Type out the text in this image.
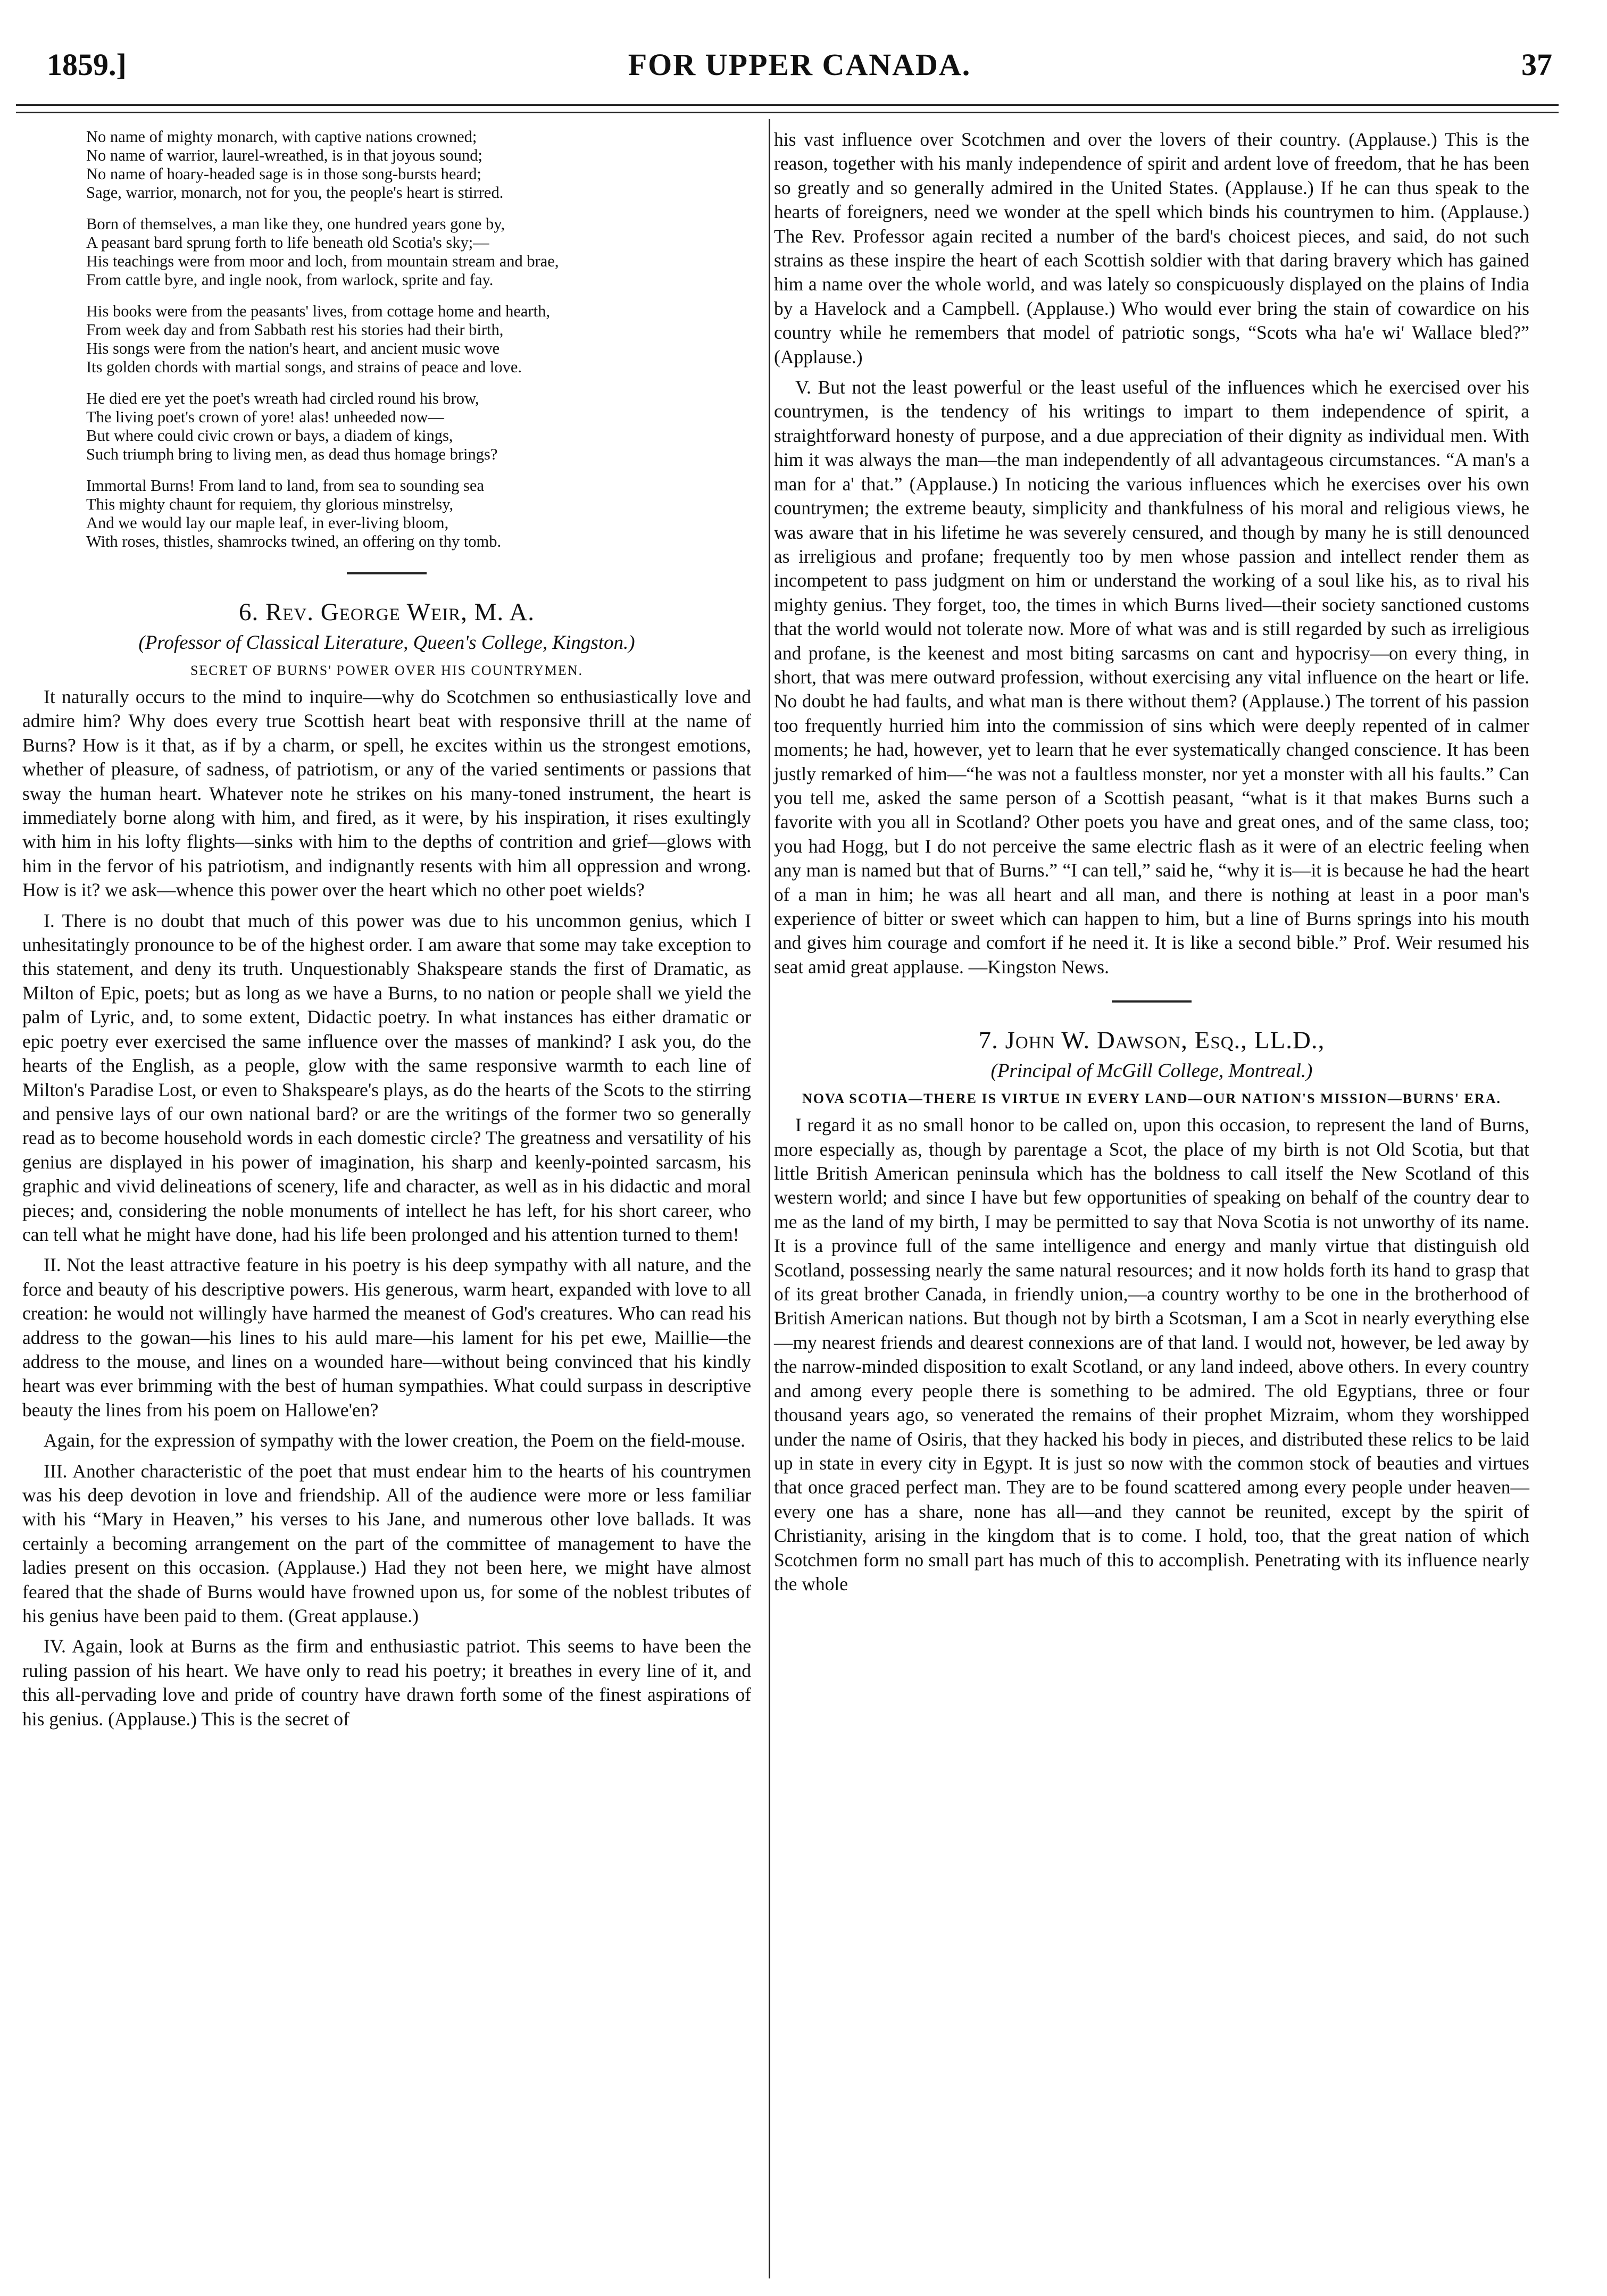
FOR UPPER CANADA.
1859.]	37
No name of mighty monarch, with captive nations crowned;
No name of warrior, laurel-wreathed, is in that joyous sound;
No name of hoary-headed sage is in those song-bursts heard;
Sage, warrior, monarch, not for you, the people's heart is stirred.
Born of themselves, a man like they, one hundred years gone by,
A peasant bard sprung forth to life beneath old Scotia's sky;—
His teachings were from moor and loch, from mountain stream and brae,
From cattle byre, and ingle nook, from warlock, sprite and fay.
His books were from the peasants' lives, from cottage home and hearth,
From week day and from Sabbath rest his stories had their birth,
His songs were from the nation's heart, and ancient music wove
Its golden chords with martial songs, and strains of peace and love.
He died ere yet the poet's wreath had circled round his brow,
The living poet's crown of yore! alas! unheeded now—
But where could civic crown or bays, a diadem of kings,
Such triumph bring to living men, as dead thus homage brings?
Immortal Burns! From land to land, from sea to sounding sea
This mighty chaunt for requiem, thy glorious minstrelsy,
And we would lay our maple leaf, in ever-living bloom,
With roses, thistles, shamrocks twined, an offering on thy tomb.
6. Rev. George Weir, M. A.
(Professor of Classical Literature, Queen's College, Kingston.)
SECRET OF BURNS' POWER OVER HIS COUNTRYMEN.

It naturally occurs to the mind to inquire—why do Scotchmen so enthusiastically love and admire him? Why does every true Scottish heart beat with responsive thrill at the name of Burns? How is it that, as if by a charm, or spell, he excites within us the strongest emotions, whether of pleasure, of sadness, of patriotism, or any of the varied sentiments or passions that sway the human heart. Whatever note he strikes on his many-toned instrument, the heart is immediately borne along with him, and fired, as it were, by his inspiration, it rises exultingly with him in his lofty flights—sinks with him to the depths of contrition and grief—glows with him in the fervor of his patriotism, and indignantly resents with him all oppression and wrong. How is it? we ask—whence this power over the heart which no other poet wields?

I. There is no doubt that much of this power was due to his uncommon genius, which I unhesitatingly pronounce to be of the highest order. I am aware that some may take exception to this statement, and deny its truth. Unquestionably Shakspeare stands the first of Dramatic, as Milton of Epic, poets; but as long as we have a Burns, to no nation or people shall we yield the palm of Lyric, and, to some extent, Didactic poetry. In what instances has either dramatic or epic poetry ever exercised the same influence over the masses of mankind? I ask you, do the hearts of the English, as a people, glow with the same responsive warmth to each line of Milton's Paradise Lost, or even to Shakspeare's plays, as do the hearts of the Scots to the stirring and pensive lays of our own national bard? or are the writings of the former two so generally read as to become household words in each domestic circle? The greatness and versatility of his genius are displayed in his power of imagination, his sharp and keenly-pointed sarcasm, his graphic and vivid delineations of scenery, life and character, as well as in his didactic and moral pieces; and, considering the noble monuments of intellect he has left, for his short career, who can tell what he might have done, had his life been prolonged and his attention turned to them!

II. Not the least attractive feature in his poetry is his deep sympathy with all nature, and the force and beauty of his descriptive powers. His generous, warm heart, expanded with love to all creation: he would not willingly have harmed the meanest of God's creatures. Who can read his address to the gowan—his lines to his auld mare—his lament for his pet ewe, Maillie—the address to the mouse, and lines on a wounded hare—without being convinced that his kindly heart was ever brimming with the best of human sympathies. What could surpass in descriptive beauty the lines from his poem on Hallowe'en?

Again, for the expression of sympathy with the lower creation, the Poem on the field-mouse.

III. Another characteristic of the poet that must endear him to the hearts of his countrymen was his deep devotion in love and friendship. All of the audience were more or less familiar with his “Mary in Heaven,” his verses to his Jane, and numerous other love ballads. It was certainly a becoming arrangement on the part of the committee of management to have the ladies present on this occasion. (Applause.) Had they not been here, we might have almost feared that the shade of Burns would have frowned upon us, for some of the noblest tributes of his genius have been paid to them. (Great applause.)

IV. Again, look at Burns as the firm and enthusiastic patriot. This seems to have been the ruling passion of his heart. We have only to read his poetry; it breathes in every line of it, and this all-pervading love and pride of country have drawn forth some of the finest aspirations of his genius. (Applause.) This is the secret of

his vast influence over Scotchmen and over the lovers of their country. (Applause.) This is the reason, together with his manly independence of spirit and ardent love of freedom, that he has been so greatly and so generally admired in the United States. (Applause.) If he can thus speak to the hearts of foreigners, need we wonder at the spell which binds his countrymen to him. (Applause.) The Rev. Professor again recited a number of the bard's choicest pieces, and said, do not such strains as these inspire the heart of each Scottish soldier with that daring bravery which has gained him a name over the whole world, and was lately so conspicuously displayed on the plains of India by a Havelock and a Campbell. (Applause.) Who would ever bring the stain of cowardice on his country while he remembers that model of patriotic songs, “Scots wha ha'e wi' Wallace bled?” (Applause.)

V. But not the least powerful or the least useful of the influences which he exercised over his countrymen, is the tendency of his writings to impart to them independence of spirit, a straightforward honesty of purpose, and a due appreciation of their dignity as individual men. With him it was always the man—the man independently of all advantageous circumstances. “A man's a man for a' that.” (Applause.) In noticing the various influences which he exercises over his own countrymen; the extreme beauty, simplicity and thankfulness of his moral and religious views, he was aware that in his lifetime he was severely censured, and though by many he is still denounced as irreligious and profane; frequently too by men whose passion and intellect render them as incompetent to pass judgment on him or understand the working of a soul like his, as to rival his mighty genius. They forget, too, the times in which Burns lived—their society sanctioned customs that the world would not tolerate now. More of what was and is still regarded by such as irreligious and profane, is the keenest and most biting sarcasms on cant and hypocrisy—on every thing, in short, that was mere outward profession, without exercising any vital influence on the heart or life. No doubt he had faults, and what man is there without them? (Applause.) The torrent of his passion too frequently hurried him into the commission of sins which were deeply repented of in calmer moments; he had, however, yet to learn that he ever systematically changed conscience. It has been justly remarked of him—“he was not a faultless monster, nor yet a monster with all his faults.” Can you tell me, asked the same person of a Scottish peasant, “what is it that makes Burns such a favorite with you all in Scotland? Other poets you have and great ones, and of the same class, too; you had Hogg, but I do not perceive the same electric flash as it were of an electric feeling when any man is named but that of Burns.” “I can tell,” said he, “why it is—it is because he had the heart of a man in him; he was all heart and all man, and there is nothing at least in a poor man's experience of bitter or sweet which can happen to him, but a line of Burns springs into his mouth and gives him courage and comfort if he need it. It is like a second bible.” Prof. Weir resumed his seat amid great applause. —Kingston News.

7. John W. Dawson, Esq., LL.D.,
(Principal of McGill College, Montreal.)
NOVA SCOTIA—THERE IS VIRTUE IN EVERY LAND—OUR NATION'S MISSION—BURNS' ERA.

I regard it as no small honor to be called on, upon this occasion, to represent the land of Burns, more especially as, though by parentage a Scot, the place of my birth is not Old Scotia, but that little British American peninsula which has the boldness to call itself the New Scotland of this western world; and since I have but few opportunities of speaking on behalf of the country dear to me as the land of my birth, I may be permitted to say that Nova Scotia is not unworthy of its name. It is a province full of the same intelligence and energy and manly virtue that distinguish old Scotland, possessing nearly the same natural resources; and it now holds forth its hand to grasp that of its great brother Canada, in friendly union,—a country worthy to be one in the brotherhood of British American nations. But though not by birth a Scotsman, I am a Scot in nearly everything else—my nearest friends and dearest connexions are of that land. I would not, however, be led away by the narrow-minded disposition to exalt Scotland, or any land indeed, above others. In every country and among every people there is something to be admired. The old Egyptians, three or four thousand years ago, so venerated the remains of their prophet Mizraim, whom they worshipped under the name of Osiris, that they hacked his body in pieces, and distributed these relics to be laid up in state in every city in Egypt. It is just so now with the common stock of beauties and virtues that once graced perfect man. They are to be found scattered among every people under heaven—every one has a share, none has all—and they cannot be reunited, except by the spirit of Christianity, arising in the kingdom that is to come. I hold, too, that the great nation of which Scotchmen form no small part has much of this to accomplish. Penetrating with its influence nearly the whole
